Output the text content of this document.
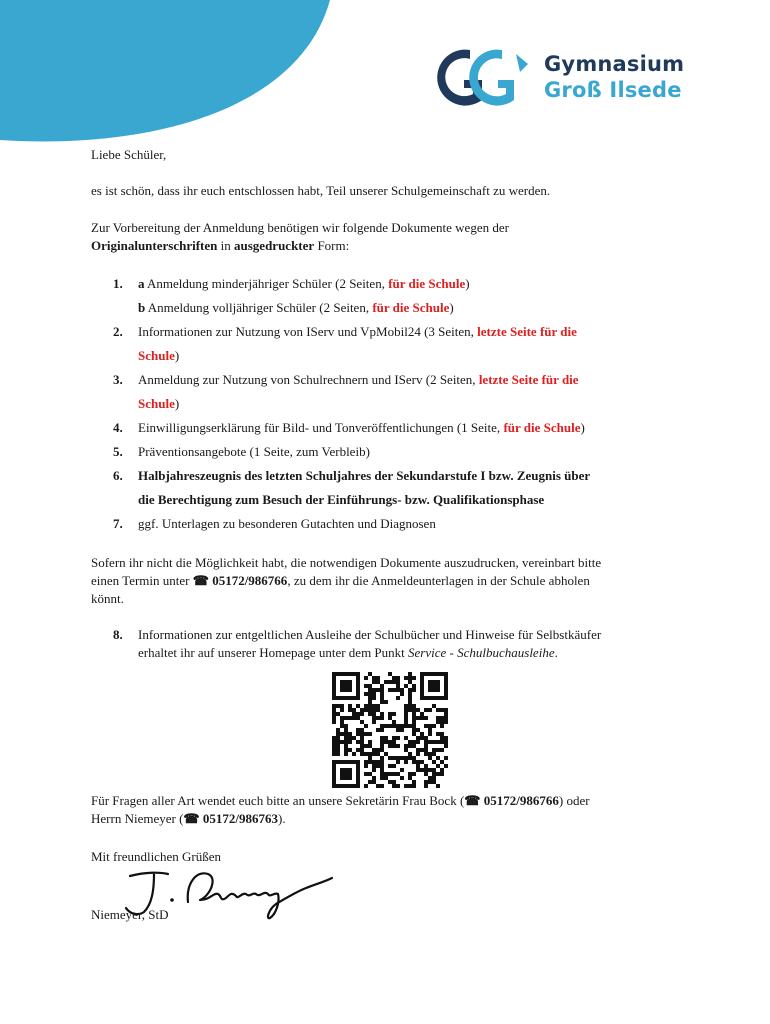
Gymnasium
Groß Ilsede
Liebe Schüler,
es ist schön, dass ihr euch entschlossen habt, Teil unserer Schulgemeinschaft zu werden.
Zur Vorbereitung der Anmeldung benötigen wir folgende Dokumente wegen der
Originalunterschriften in ausgedruckter Form:
1. a Anmeldung minderjähriger Schüler (2 Seiten, für die Schule)
b Anmeldung volljähriger Schüler (2 Seiten, für die Schule)
2. Informationen zur Nutzung von IServ und VpMobil24 (3 Seiten, letzte Seite für die
Schule)
3. Anmeldung zur Nutzung von Schulrechnern und IServ (2 Seiten, letzte Seite für die
Schule)
4. Einwilligungserklärung für Bild- und Tonveröffentlichungen (1 Seite, für die Schule)
5. Präventionsangebote (1 Seite, zum Verbleib)
6. Halbjahreszeugnis des letzten Schuljahres der Sekundarstufe I bzw. Zeugnis über
die Berechtigung zum Besuch der Einführungs- bzw. Qualifikationsphase
7. ggf. Unterlagen zu besonderen Gutachten und Diagnosen
Sofern ihr nicht die Möglichkeit habt, die notwendigen Dokumente auszudrucken, vereinbart bitte
einen Termin unter ☎ 05172/986766, zu dem ihr die Anmeldeunterlagen in der Schule abholen
könnt.
8. Informationen zur entgeltlichen Ausleihe der Schulbücher und Hinweise für Selbstkäufer
erhaltet ihr auf unserer Homepage unter dem Punkt Service - Schulbuchausleihe.
Für Fragen aller Art wendet euch bitte an unsere Sekretärin Frau Bock (☎ 05172/986766) oder
Herrn Niemeyer (☎ 05172/986763).
Mit freundlichen Grüßen
Niemeyer, StD
